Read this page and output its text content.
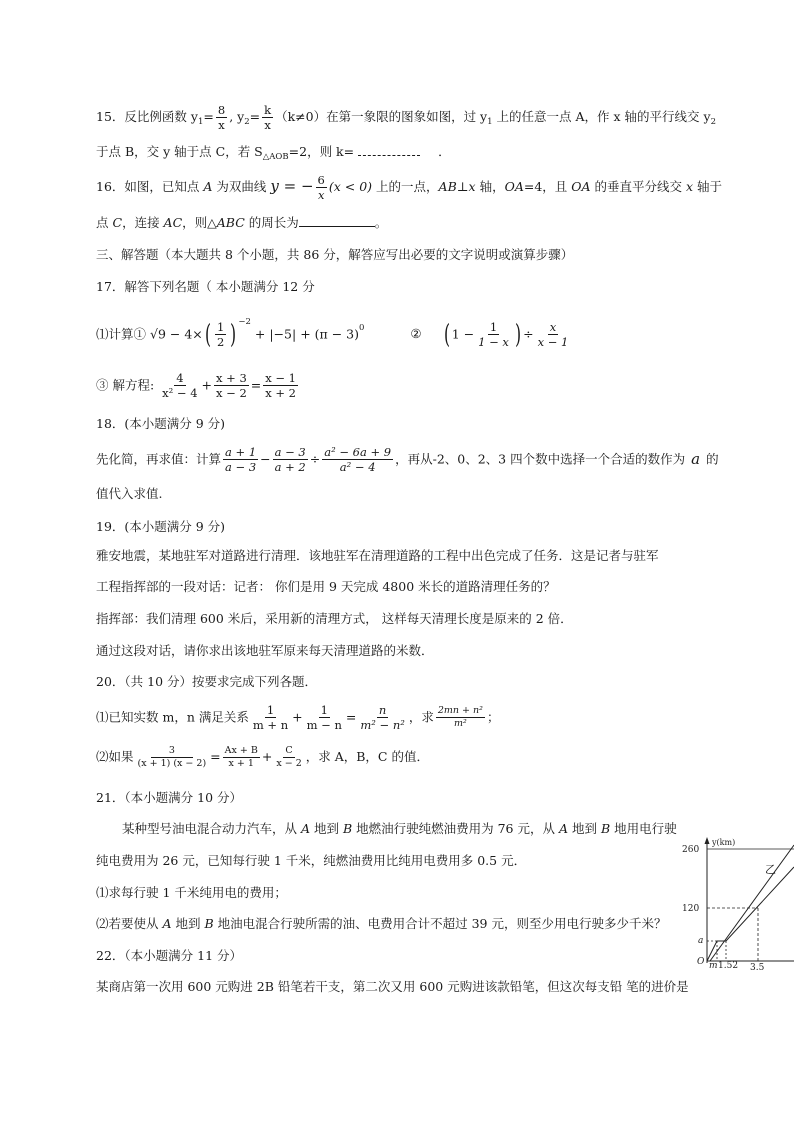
15．反比例函数 $y_1= \frac{8}{x}$ , $y_2= \frac{k}{x} (k\ne 0)$在第一象限的图象如图，过 $y_1$ 上的任意一点 A，作 x 轴的平行线交 $y_2$
于点 B，交 y 轴于点 C，若 $S_{\triangle AOB}=2$，则 k=	．
16．如图，已知点 A 为双曲线 y = − $\frac{6}{x} (x < 0)$ 上的一点，AB⊥x 轴，OA=4，且 OA 的垂直平分线交 x 轴于
点 C，连接 AC，则△ABC 的周长为	。
三、解答题（本大题共 8 个小题，共 86 分，解答应写出必要的文字说明或演算步骤）
17．解答下列名题（ 本小题满分 12 分
⑴计算① $√9 - 4\times( \frac{1}{2}$ ) $^{-2} + |-5| + (\pi - 3)^0$	② ( $1 - \frac{1}{1 - x}$ ) ÷ $\frac{x}{x - 1}$
③ 解方程: $\frac{4}{\text{x² − 4}} + \frac{x + 3}{x - 2} = \frac{x - 1}{x + 2}$
18．(本小题满分 9 分)
先化简，再求值：计算 $\frac{a + 1}{a - 3} - \frac{a - 3}{a + 2} \div \frac{\text{a² − 6a + 9}}{\text{a² − 4}}$ ，再从-2、0、2、3 四个数中选择一个合适的数作为 a 的
值代入求值.
19．(本小题满分 9 分)
雅安地震，某地驻军对道路进行清理．该地驻军在清理道路的工程中出色完成了任务．这是记者与驻军
工程指挥部的一段对话：记者： 你们是用 9 天完成 4800 米长的道路清理任务的？
指挥部：我们清理 600 米后，采用新的清理方式， 这样每天清理长度是原来的 2 倍．
通过这段对话，请你求出该地驻军原来每天清理道路的米数．
20．（共 10 分）按要求完成下列各题．
⑴已知实数 m，n 满足关系 $\frac{1}{m + n} + \frac{1}{m - n} = \frac{n}{\text{m² − n²}}$ ，求 $\frac{\text{2mn + n²}}{\text{m²}}$ ；
⑵如果 $\frac{3}{(x + 1) (x - 2)} = \frac{Ax + B}{x + 1} + \frac{C}{x - 2}$ ，求 A，B，C 的值．
21．（本小题满分 10 分）
某种型号油电混合动力汽车，从 A 地到 B 地燃油行驶纯燃油费用为 76 元，从 A 地到 B 地用电行驶
纯电费用为 26 元，已知每行驶 1 千米，纯燃油费用比纯用电费用多 0.5 元．
⑴求每行驶 1 千米纯用电的费用；
⑵若要使从 A 地到 B 地油电混合行驶所需的油、电费用合计不超过 39 元，则至少用电行驶多少千米？
22．（本小题满分 11 分）
某商店第一次用 600 元购进 2B 铅笔若干支，第二次又用 600 元购进该款铅笔，但这次每支铅 笔的进价是
y(km)
260
120
a
O m 1.52 3.5
乙
